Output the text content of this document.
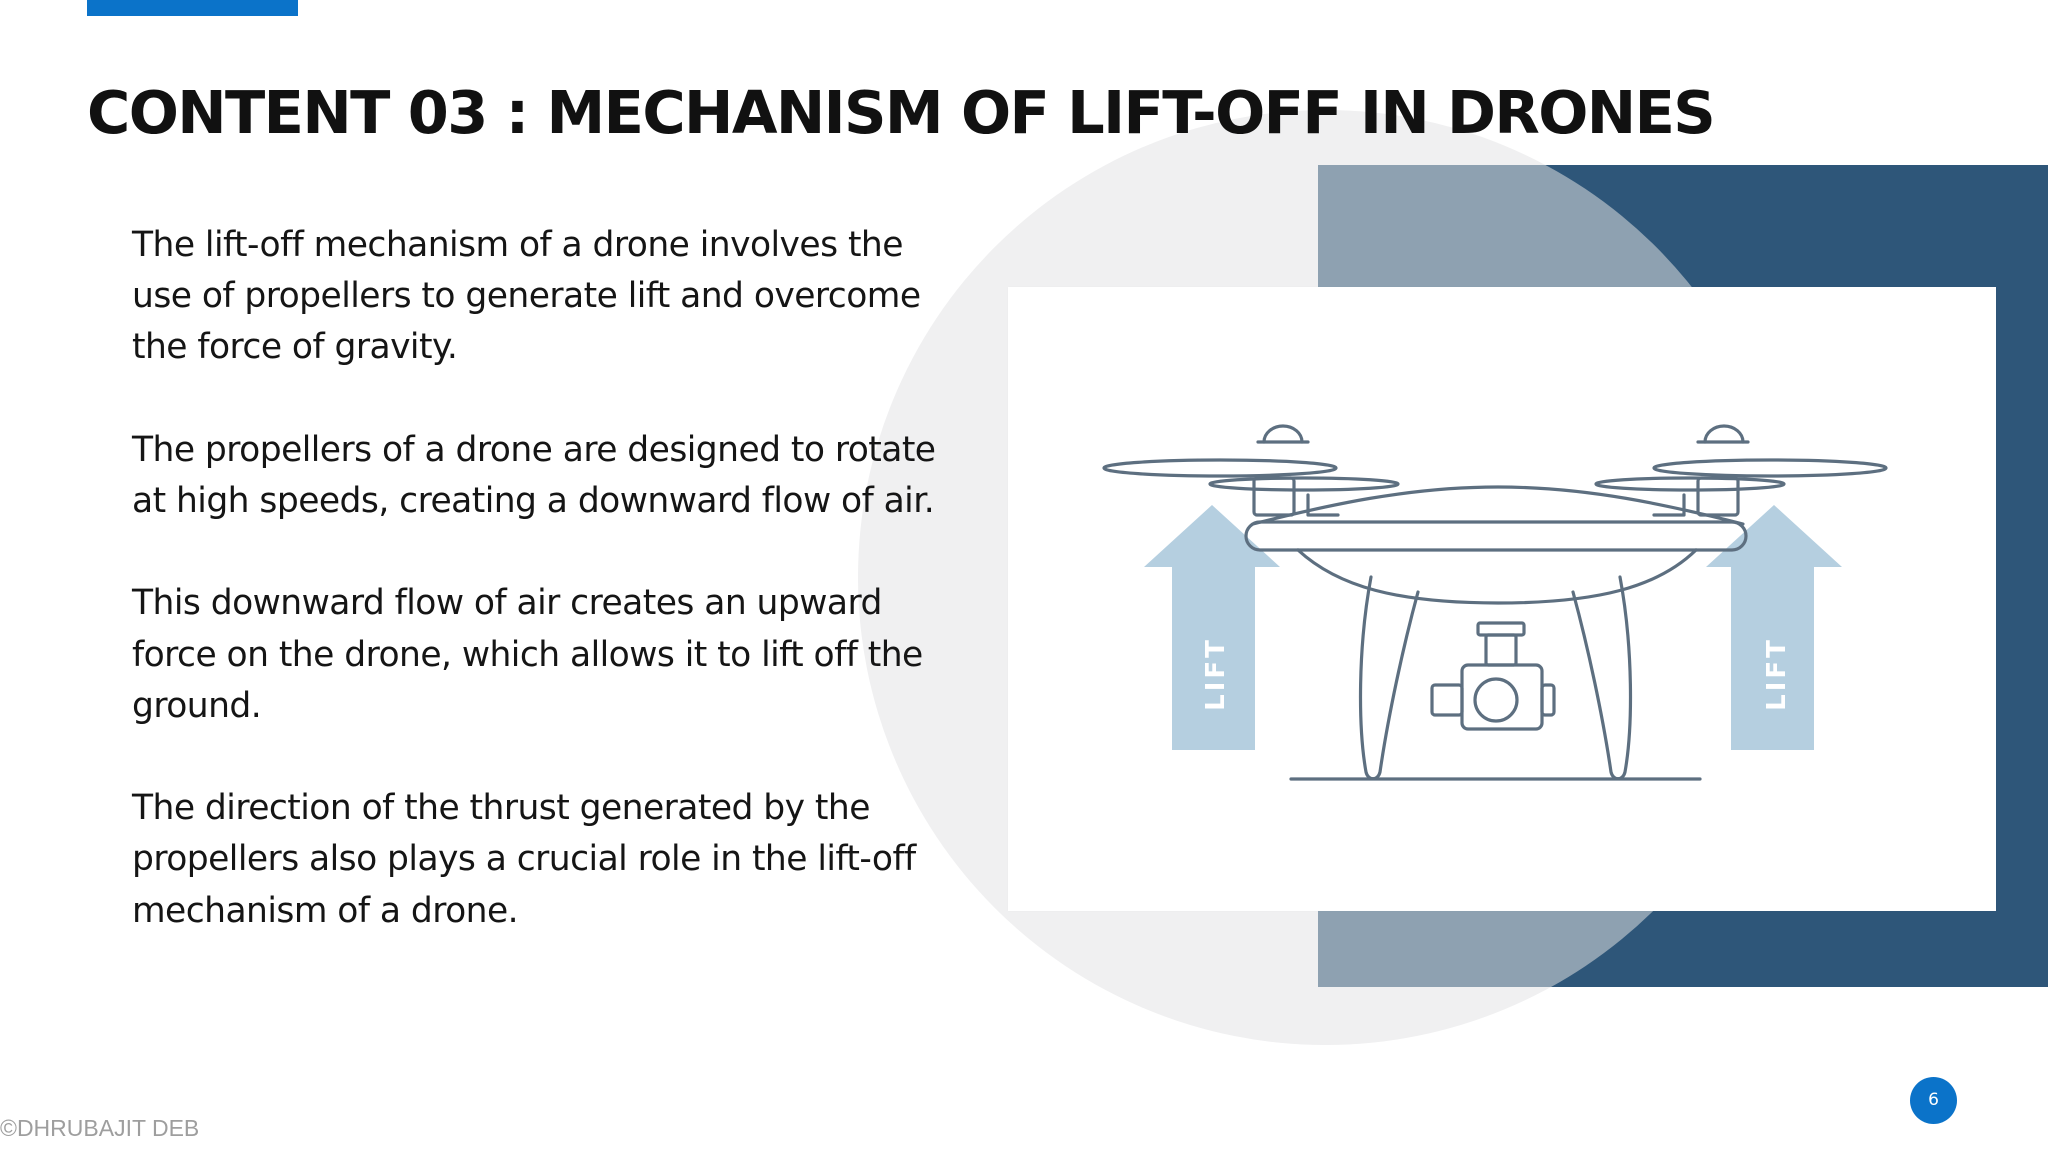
CONTENT 03 : MECHANISM OF LIFT-OFF IN DRONES

The lift-off mechanism of a drone involves the
use of propellers to generate lift and overcome
the force of gravity.

The propellers of a drone are designed to rotate
at high speeds, creating a downward flow of air.

This downward flow of air creates an upward
force on the drone, which allows it to lift off the
ground.

The direction of the thrust generated by the
propellers also plays a crucial role in the lift-off
mechanism of a drone.

LIFT	LIFT
6
©DHRUBAJIT DEB
